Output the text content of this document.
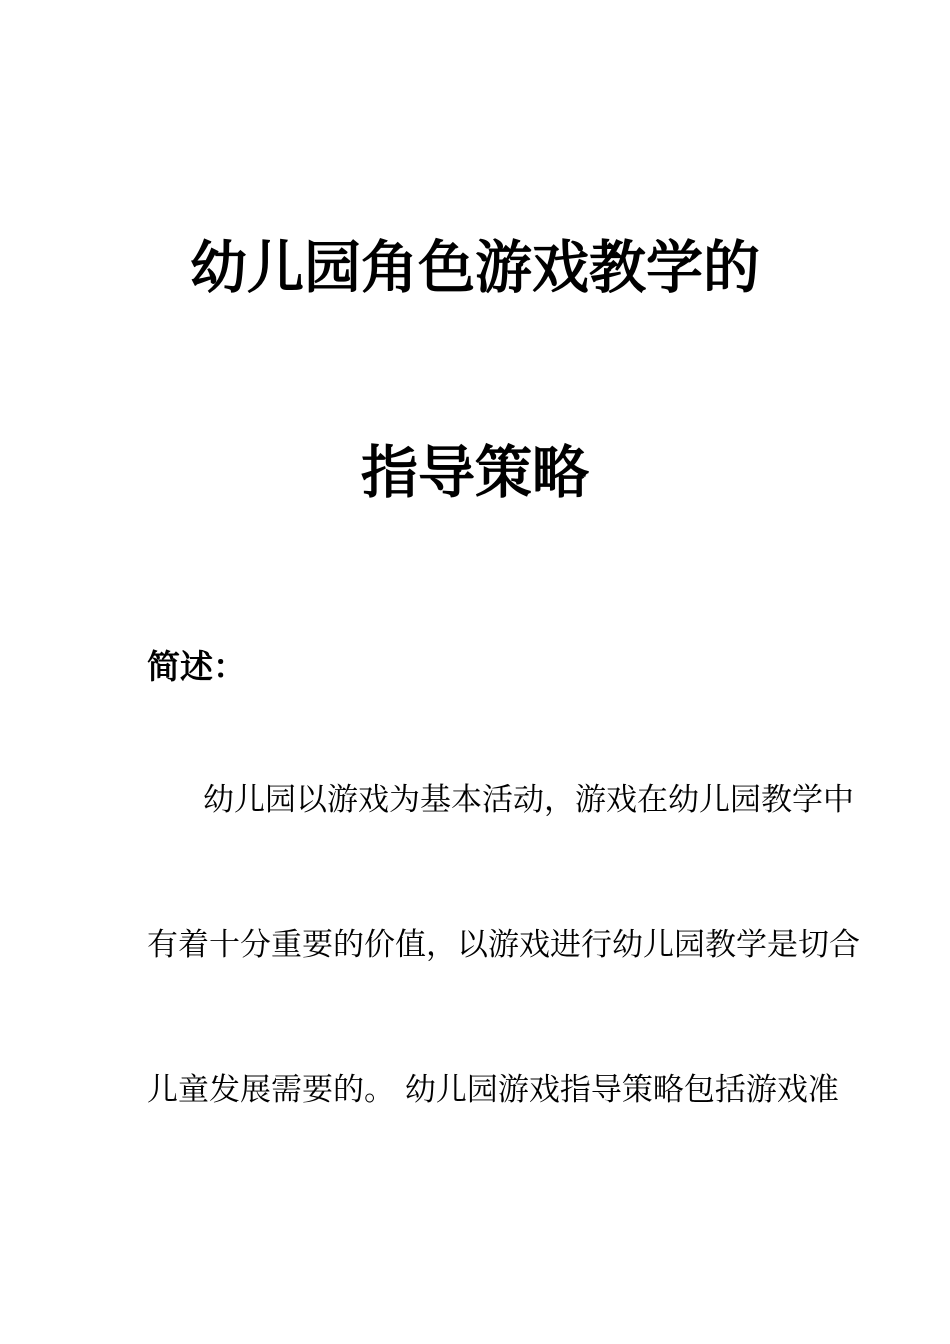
幼儿园角色游戏教学的
指导策略
简述：

幼儿园以游戏为基本活动，游戏在幼儿园教学中

有着十分重要的价值，以游戏进行幼儿园教学是切合

儿童发展需要的。 幼儿园游戏指导策略包括游戏准
